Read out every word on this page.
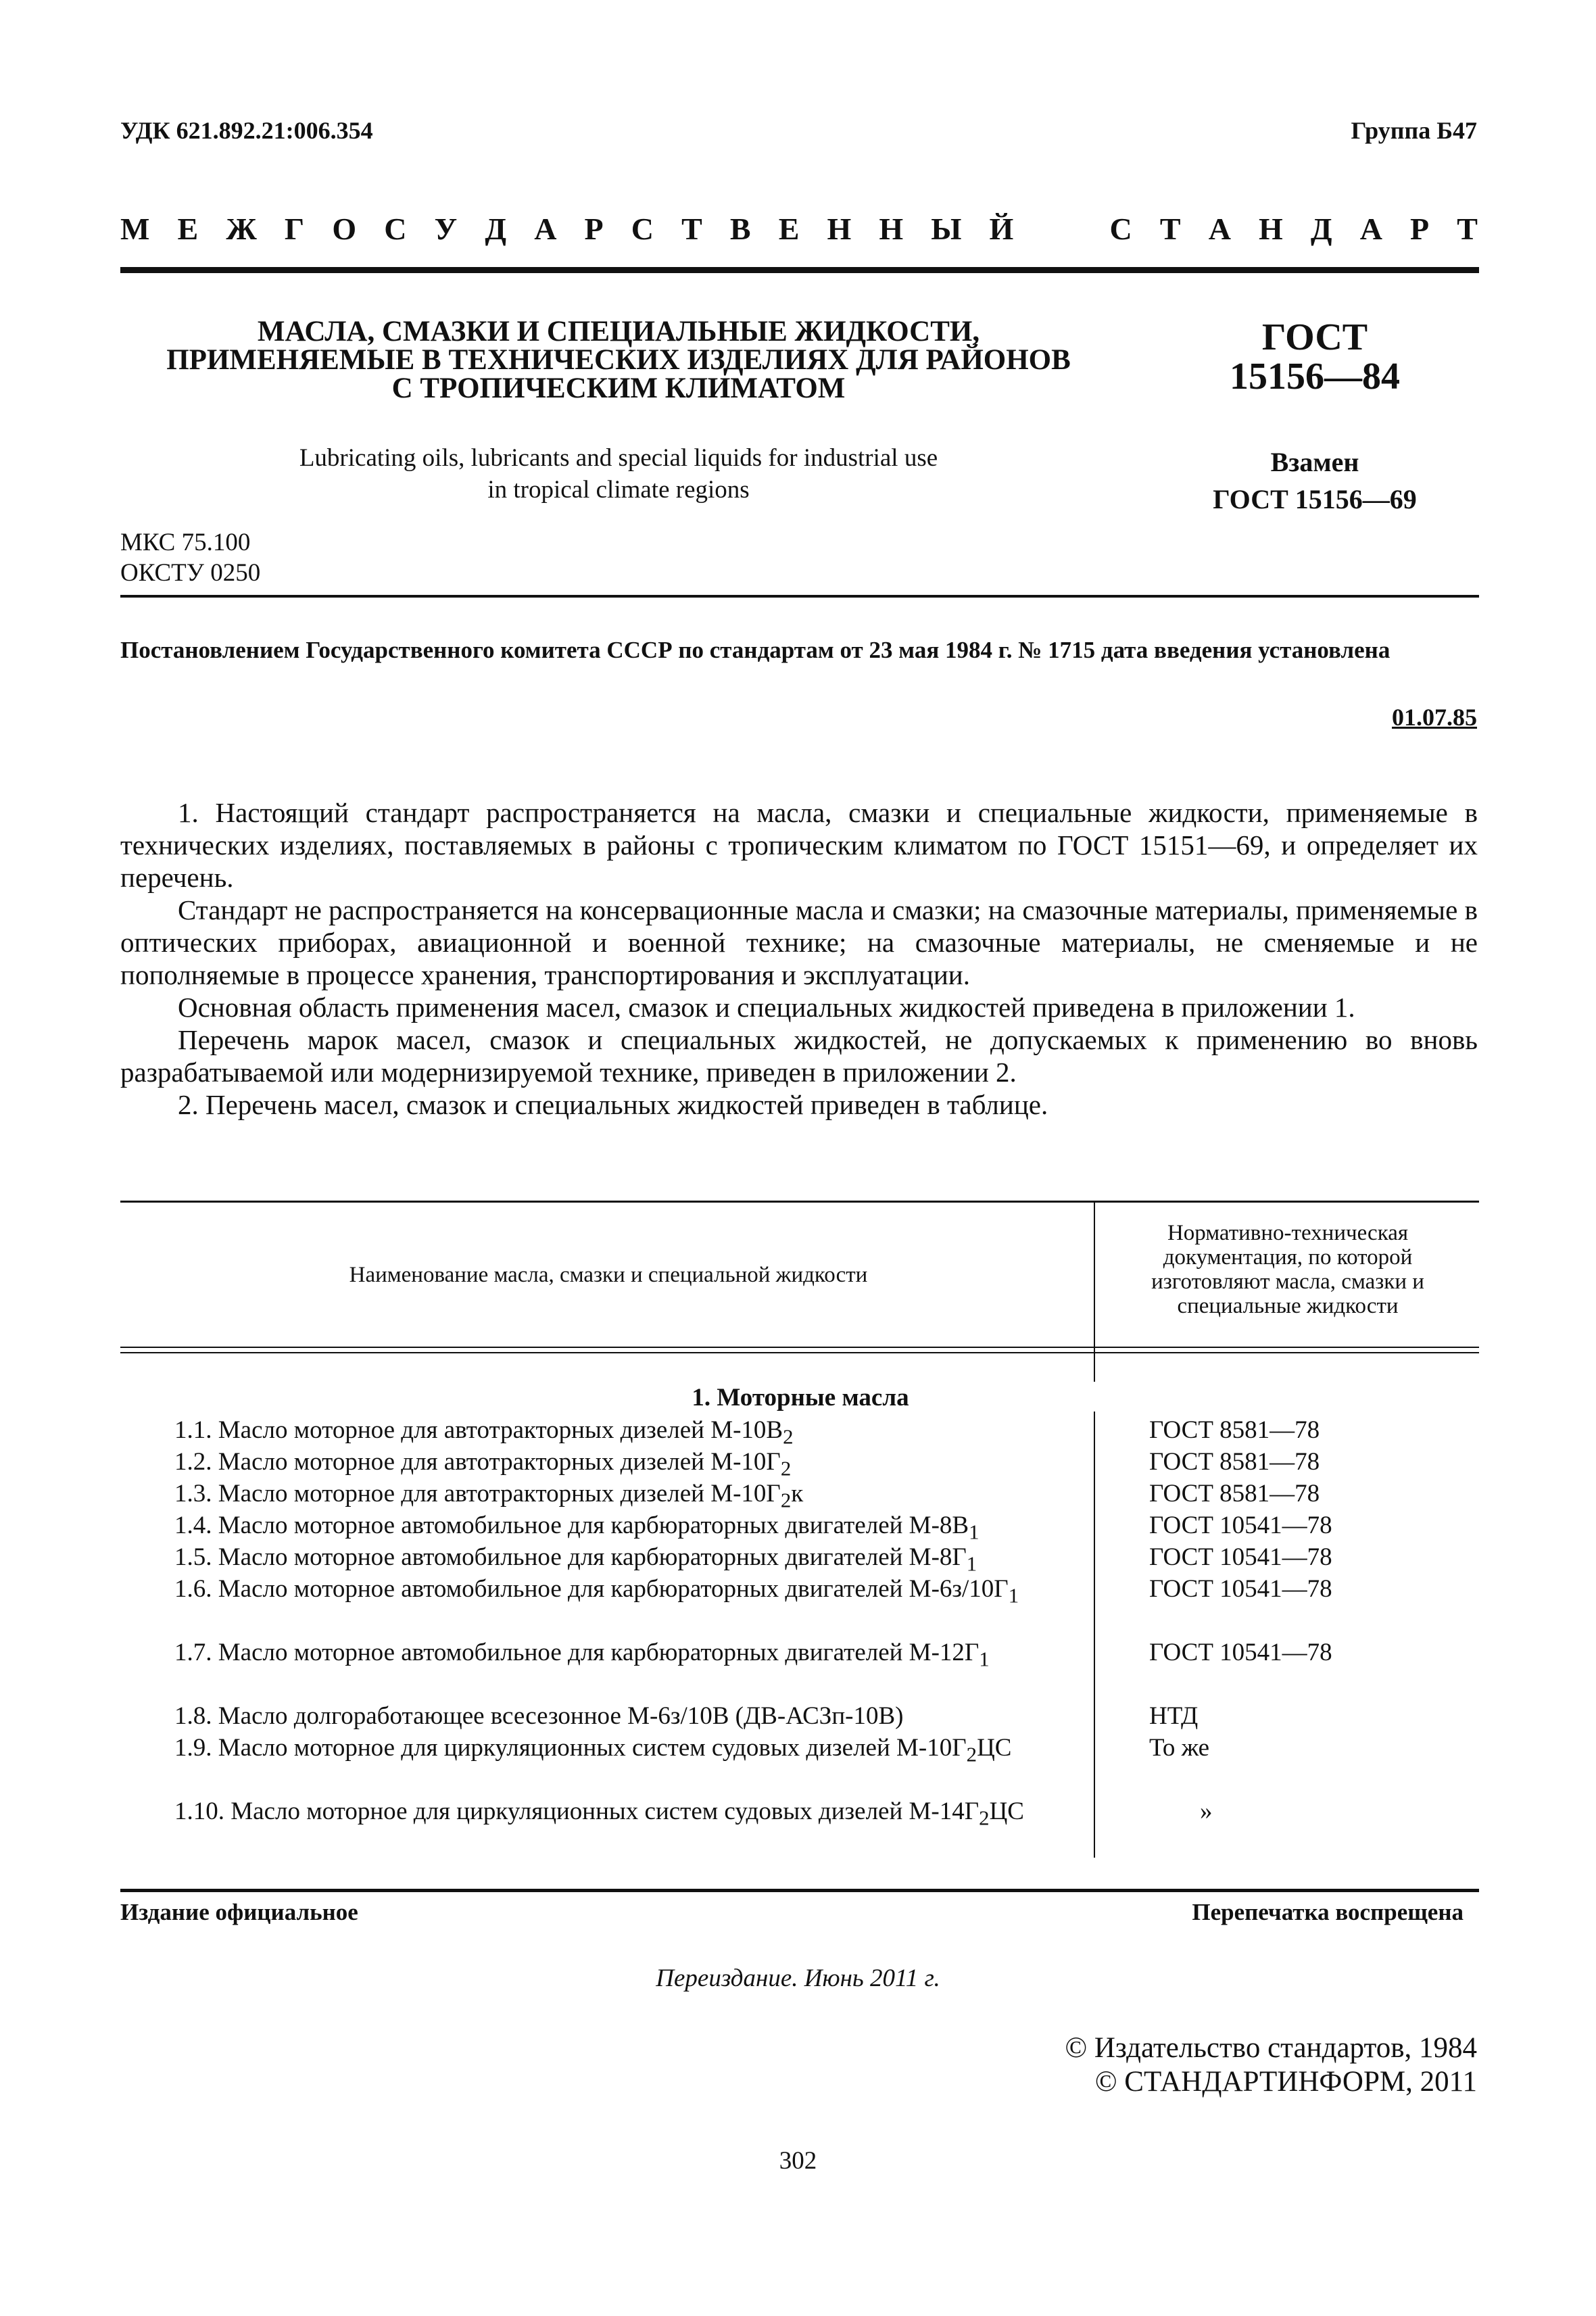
УДК 621.892.21:006.354	Группа Б47
М Е Ж Г О С У Д А Р С Т В Е Н Н Ы Й	С Т А Н Д А Р Т
МАСЛА, СМАЗКИ И СПЕЦИАЛЬНЫЕ ЖИДКОСТИ,
ПРИМЕНЯЕМЫЕ В ТЕХНИЧЕСКИХ ИЗДЕЛИЯХ ДЛЯ РАЙОНОВ
С ТРОПИЧЕСКИМ КЛИМАТОМ
ГОСТ
15156—84
Lubricating oils, lubricants and special liquids for industrial use
in tropical climate regions
Взамен
ГОСТ 15156—69
МКС 75.100
ОКСТУ 0250
Постановлением Государственного комитета СССР по стандартам от 23 мая 1984 г. № 1715 дата введения установлена
01.07.85

1. Настоящий стандарт распространяется на масла, смазки и специальные жидкости, применяемые в технических изделиях, поставляемых в районы с тропическим климатом по ГОСТ 15151—69, и определяет их перечень.

Стандарт не распространяется на консервационные масла и смазки; на смазочные материалы, применяемые в оптических приборах, авиационной и военной технике; на смазочные материалы, не сменяемые и не пополняемые в процессе хранения, транспортирования и эксплуатации.

Основная область применения масел, смазок и специальных жидкостей приведена в приложении 1.

Перечень марок масел, смазок и специальных жидкостей, не допускаемых к применению во вновь разрабатываемой или модернизируемой технике, приведен в приложении 2.

2. Перечень масел, смазок и специальных жидкостей приведен в таблице.

Наименование масла, смазки и специальной жидкости
Нормативно-техническая
документация, по которой
изготовляют масла, смазки и
специальные жидкости
1. Моторные масла
1.1. Масло моторное для автотракторных дизелей $М-10В_2$	ГОСТ 8581—78
1.2. Масло моторное для автотракторных дизелей $М-10Г_2$	ГОСТ 8581—78
1.3. Масло моторное для автотракторных дизелей $М-10Г_2к$	ГОСТ 8581—78
1.4. Масло моторное автомобильное для карбюраторных двигателей $М-8В_1$	ГОСТ 10541—78
1.5. Масло моторное автомобильное для карбюраторных двигателей $М-8Г_1$	ГОСТ 10541—78
1.6. Масло моторное автомобильное для карбюраторных двигателей $М-6з/10Г_1$	ГОСТ 10541—78
1.7. Масло моторное автомобильное для карбюраторных двигателей $М-12Г_1$	ГОСТ 10541—78
1.8. Масло долгоработающее всесезонное М-6з/10В (ДВ-АСЗп-10В)	НТД
1.9. Масло моторное для циркуляционных систем судовых дизелей $М-10Г_2ЦС$	То же
1.10. Масло моторное для циркуляционных систем судовых дизелей $М-14Г_2ЦС$	»
Издание официальное	Перепечатка воспрещена
Переиздание. Июнь 2011 г.
© Издательство стандартов, 1984
© СТАНДАРТИНФОРМ, 2011
302
